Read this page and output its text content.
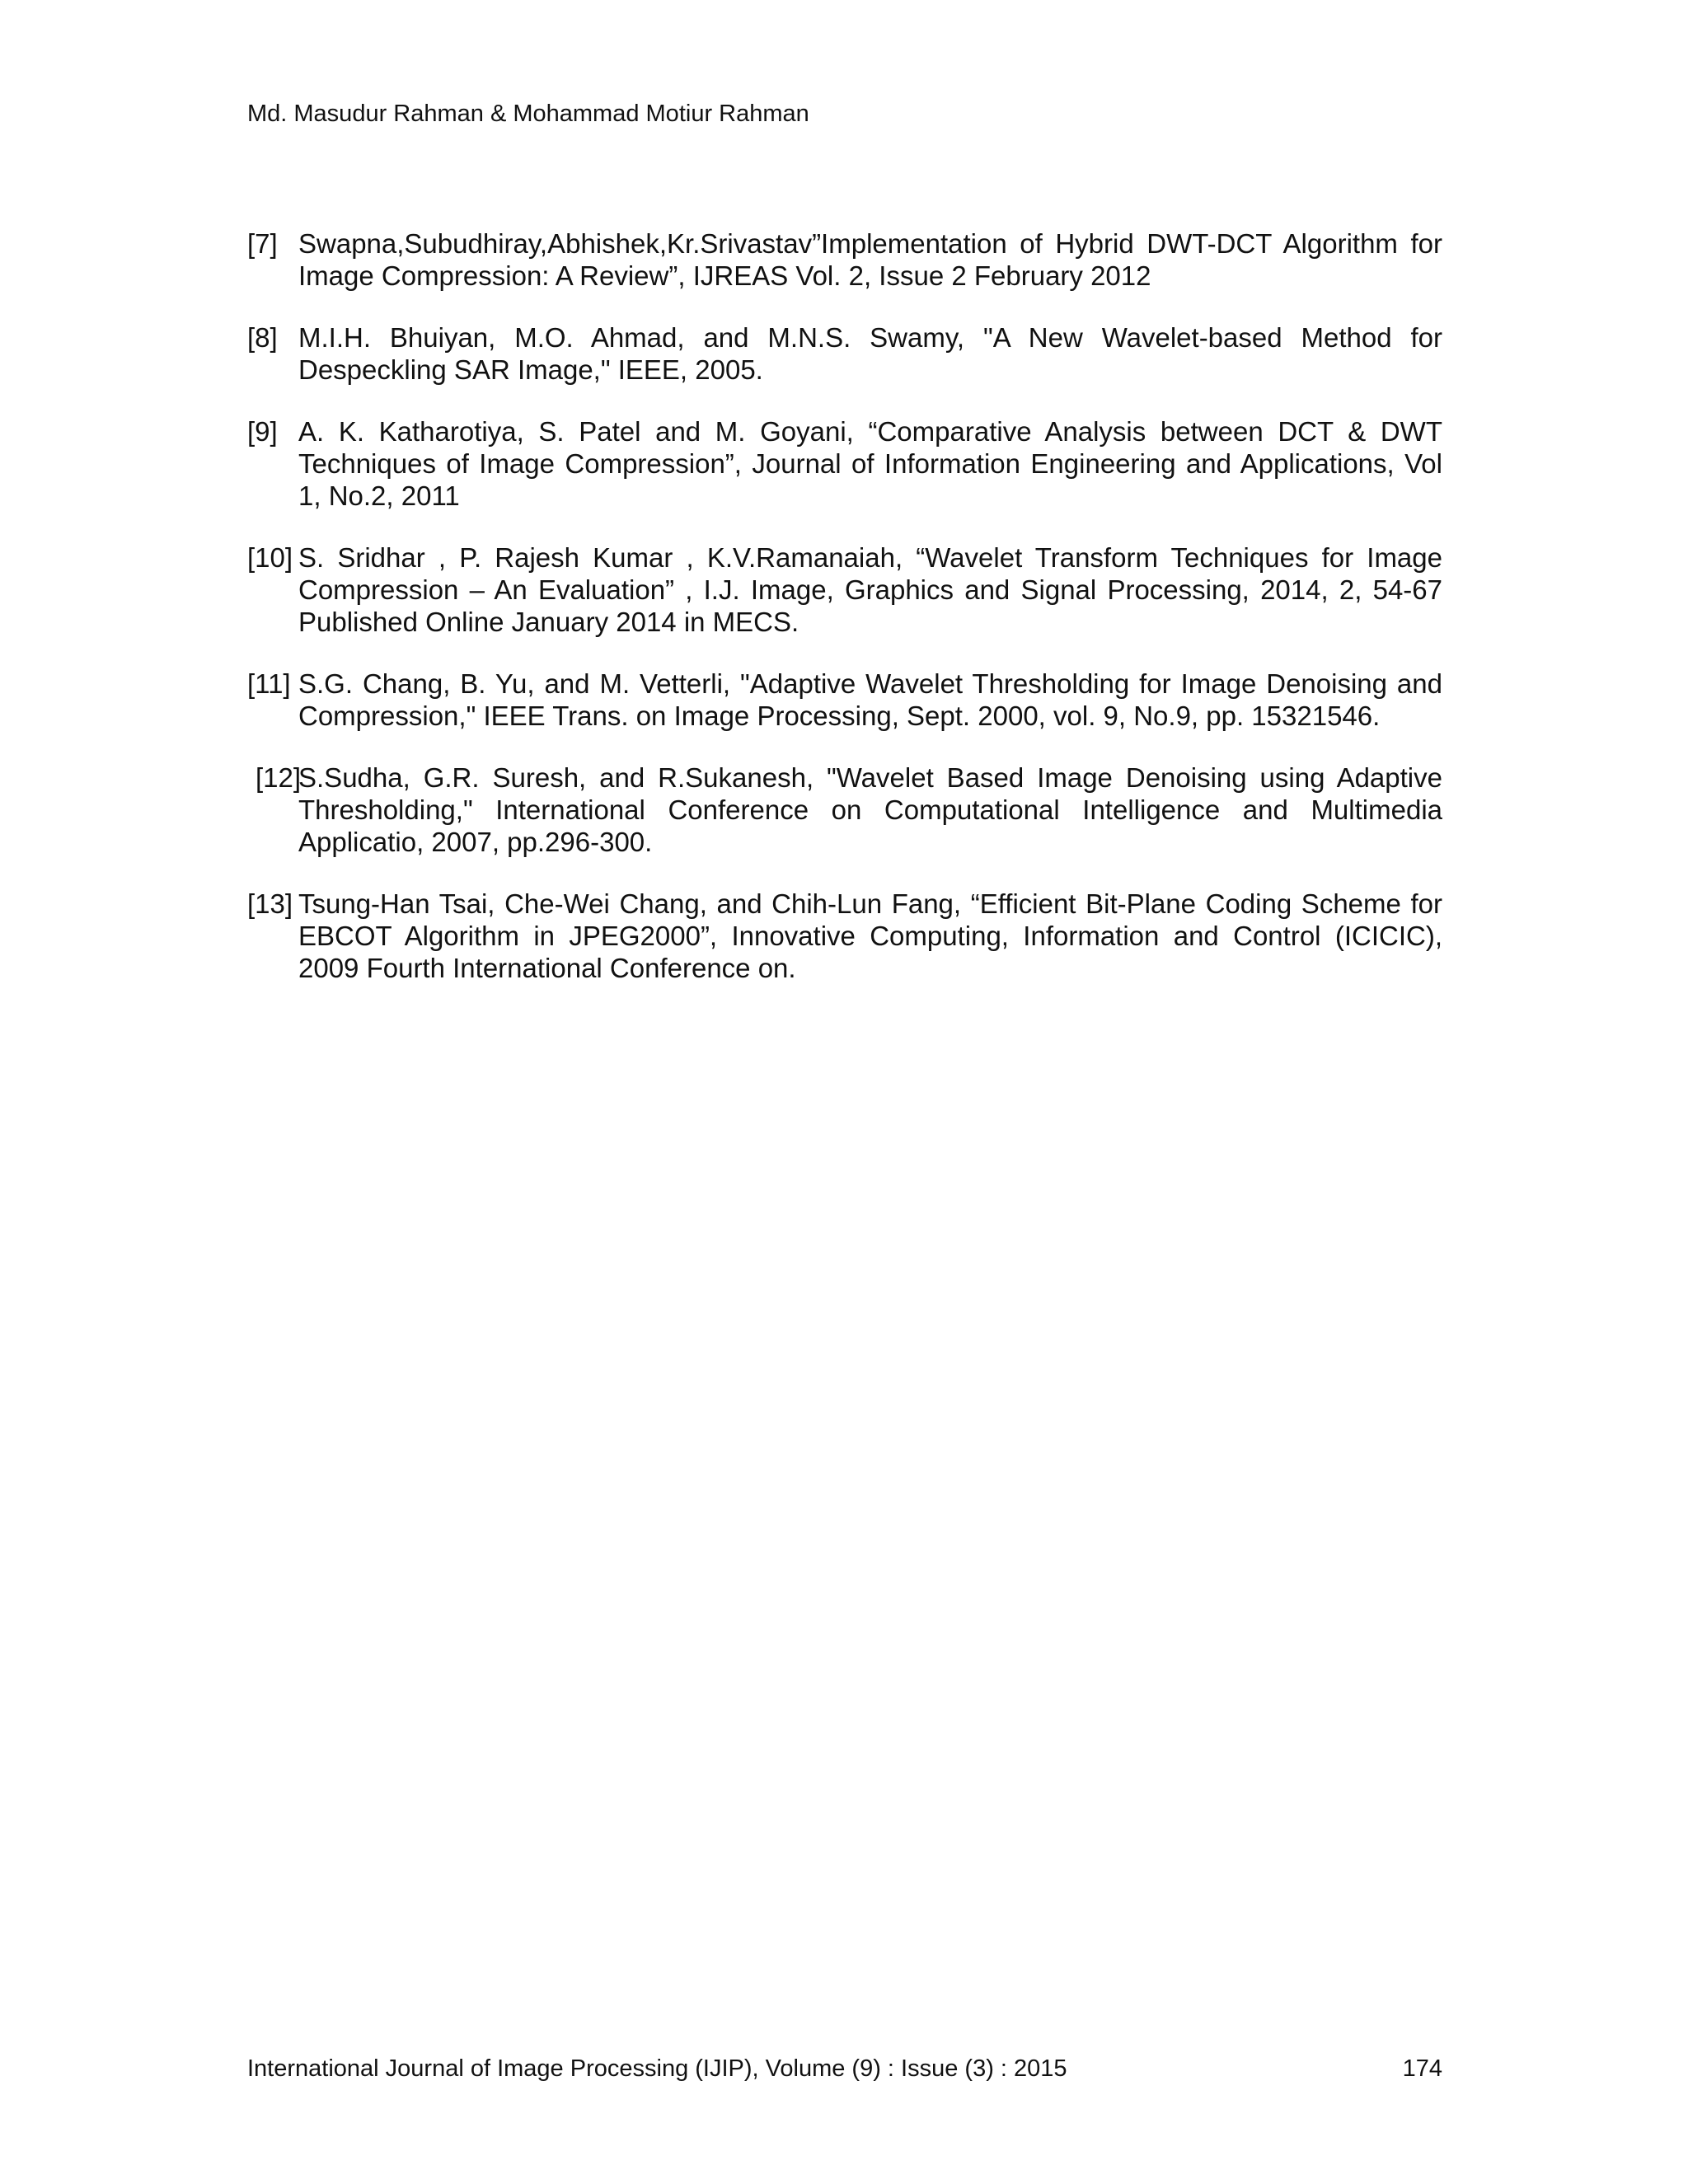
Md. Masudur Rahman & Mohammad Motiur Rahman
[7] Swapna,Subudhiray,Abhishek,Kr.Srivastav”Implementation of Hybrid DWT-DCT Algorithm for Image Compression: A Review”, IJREAS Vol. 2, Issue 2 February 2012
[8] M.I.H. Bhuiyan, M.O. Ahmad, and M.N.S. Swamy, "A New Wavelet-based Method for Despeckling SAR Image," IEEE, 2005.
[9] A. K. Katharotiya, S. Patel and M. Goyani, “Comparative Analysis between DCT & DWT Techniques of Image Compression”, Journal of Information Engineering and Applications, Vol 1, No.2, 2011
[10] S. Sridhar , P. Rajesh Kumar , K.V.Ramanaiah, “Wavelet Transform Techniques for Image Compression – An Evaluation” , I.J. Image, Graphics and Signal Processing, 2014, 2, 54-67 Published Online January 2014 in MECS.
[11] S.G. Chang, B. Yu, and M. Vetterli, "Adaptive Wavelet Thresholding for Image Denoising and Compression," IEEE Trans. on Image Processing, Sept. 2000, vol. 9, No.9, pp. 15321546.
[12]
S.Sudha, G.R. Suresh, and R.Sukanesh, "Wavelet Based Image Denoising using Adaptive Thresholding," International Conference on Computational Intelligence and Multimedia Applicatio, 2007, pp.296-300.
[13] Tsung-Han Tsai, Che-Wei Chang, and Chih-Lun Fang, “Efficient Bit-Plane Coding Scheme for EBCOT Algorithm in JPEG2000”, Innovative Computing, Information and Control (ICICIC), 2009 Fourth International Conference on.
International Journal of Image Processing (IJIP), Volume (9) : Issue (3) : 2015	174
